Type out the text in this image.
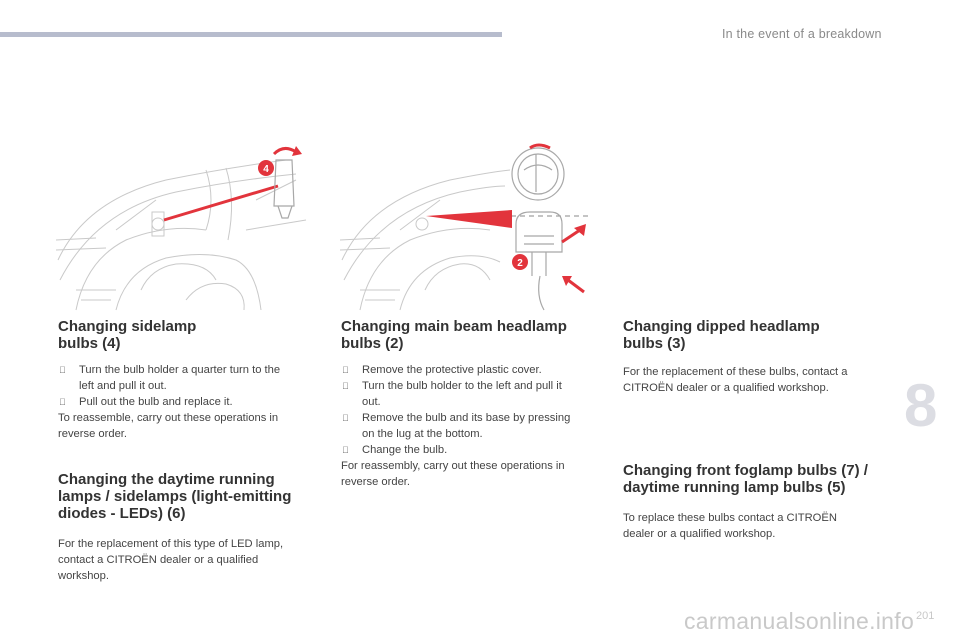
In the event of a breakdown
8
201
carmanualsonline.info
4
2
Changing sidelamp
bulbs (4)
Turn the bulb holder a quarter turn to the
left and pull it out.
Pull out the bulb and replace it.

To reassemble, carry out these operations in
reverse order.

Changing the daytime running
lamps / sidelamps (light-emitting
diodes - LEDs) (6)

For the replacement of this type of LED lamp,
contact a CITROËN dealer or a qualified
workshop.

Changing main beam headlamp
bulbs (2)
Remove the protective plastic cover.
Turn the bulb holder to the left and pull it
out.
Remove the bulb and its base by pressing
on the lug at the bottom.
Change the bulb.

For reassembly, carry out these operations in
reverse order.

Changing dipped headlamp
bulbs (3)

For the replacement of these bulbs, contact a
CITROËN dealer or a qualified workshop.

Changing front foglamp bulbs (7) /
daytime running lamp bulbs (5)

To replace these bulbs contact a CITROËN
dealer or a qualified workshop.
